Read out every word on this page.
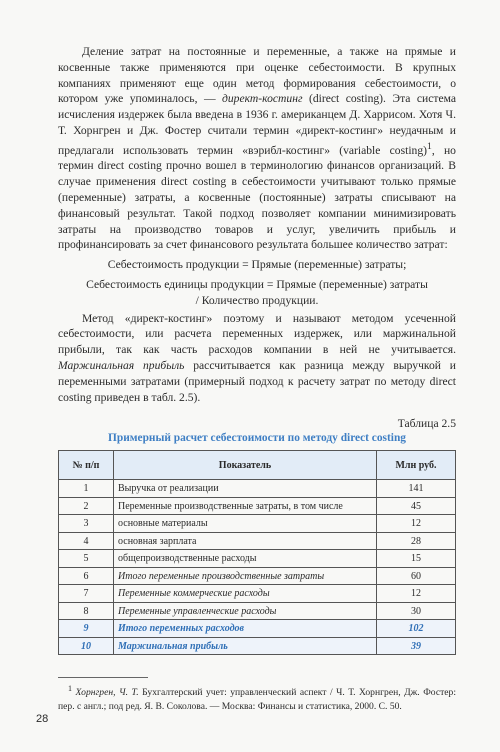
Деление затрат на постоянные и переменные, а также на прямые и косвенные также применяются при оценке себестоимости. В крупных компаниях применяют еще один метод формирования себестоимости, о котором уже упоминалось, — директ-костинг (direct costing). Эта система исчисления издержек была введена в 1936 г. американцем Д. Харрисом. Хотя Ч. Т. Хорнгрен и Дж. Фостер считали термин «директ-костинг» неудачным и предлагали использовать термин «вэрибл-костинг» (variable costing)$^1$, но термин direct costing прочно вошел в терминологию финансов организаций. В случае применения direct costing в себестоимости учитывают только прямые (переменные) затраты, а косвенные (постоянные) затраты списывают на финансовый результат. Такой подход позволяет компании минимизировать затраты на производство товаров и услуг, увеличить прибыль и профинансировать за счет финансового результата большее количество затрат:

Себестоимость продукции = Прямые (переменные) затраты;

Себестоимость единицы продукции = Прямые (переменные) затраты
/ Количество продукции.

Метод «директ-костинг» поэтому и называют методом усеченной себестоимости, или расчета переменных издержек, или маржинальной прибыли, так как часть расходов компании в ней не учитывается. Маржинальная прибыль рассчитывается как разница между выручкой и переменными затратами (примерный подход к расчету затрат по методу direct costing приведен в табл. 2.5).

Таблица 2.5
Примерный расчет себестоимости по методу direct costing
№ п/п	Показатель	Млн руб.
1	Выручка от реализации	141
2	Переменные производственные затраты, в том числе	45
3	основные материалы	12
4	основная зарплата	28
5	общепроизводственные расходы	15
6	Итого переменные производственные затраты	60
7	Переменные коммерческие расходы	12
8	Переменные управленческие расходы	30
9	Итого переменных расходов	102
10	Маржинальная прибыль	39

$^1$ Хорнгрен, Ч. Т. Бухгалтерский учет: управленческий аспект / Ч. Т. Хорнгрен, Дж. Фостер: пер. с англ.; под ред. Я. В. Соколова. — Москва: Финансы и статистика, 2000. С. 50.

28
